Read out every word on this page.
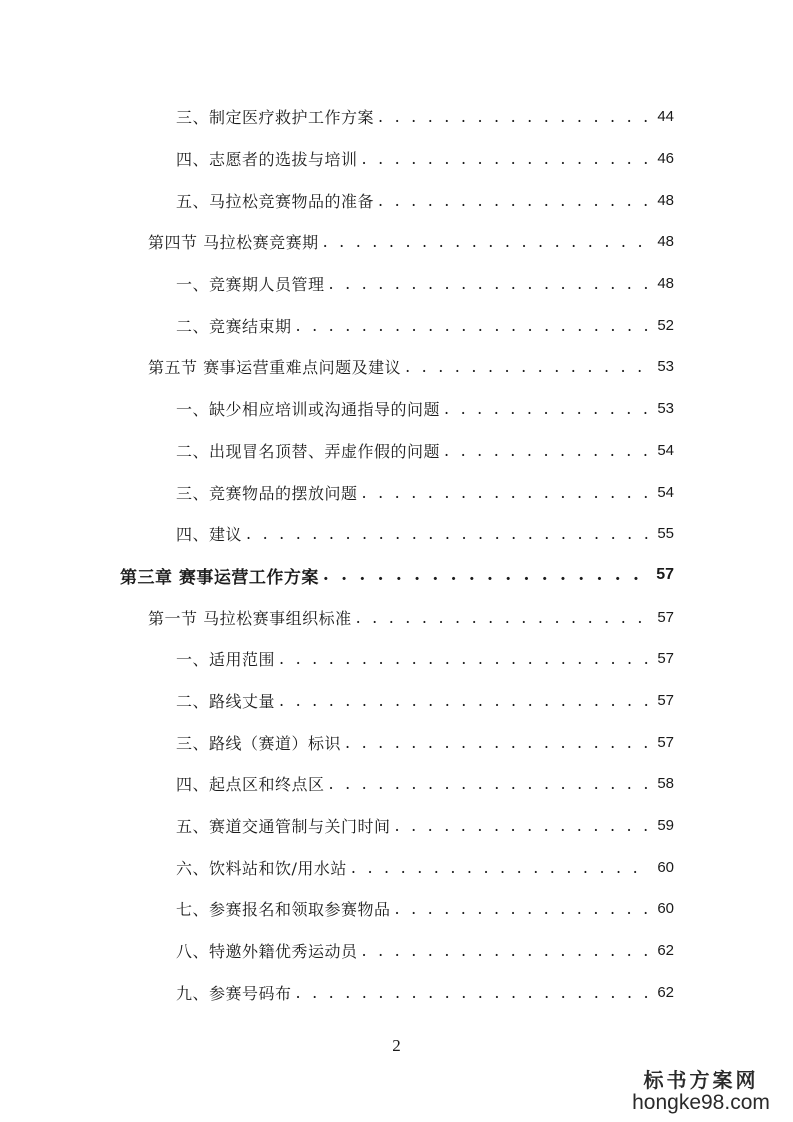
三、制定医疗救护工作方案 . . .	44
四、志愿者的选拔与培训 . . .	46
五、马拉松竞赛物品的准备 . . .	48
第四节 马拉松赛竞赛期 . . .	48
一、竞赛期人员管理 . . .	48
二、竞赛结束期 . . .	52
第五节 赛事运营重难点问题及建议 . . .	53
一、缺少相应培训或沟通指导的问题 . . .	53
二、出现冒名顶替、弄虚作假的问题 . . .	54
三、竞赛物品的摆放问题 . . .	54
四、建议 . . .	55
第三章 赛事运营工作方案 . . .	57
第一节 马拉松赛事组织标准 . . .	57
一、适用范围 . . .	57
二、路线丈量 . . .	57
三、路线（赛道）标识 . . .	57
四、起点区和终点区 . . .	58
五、赛道交通管制与关门时间 . . .	59
六、饮料站和饮/用水站 . . .	60
七、参赛报名和领取参赛物品 . . .	60
八、特邀外籍优秀运动员 . . .	62
九、参赛号码布 . . .	62
2
标书方案网
hongke98.com
